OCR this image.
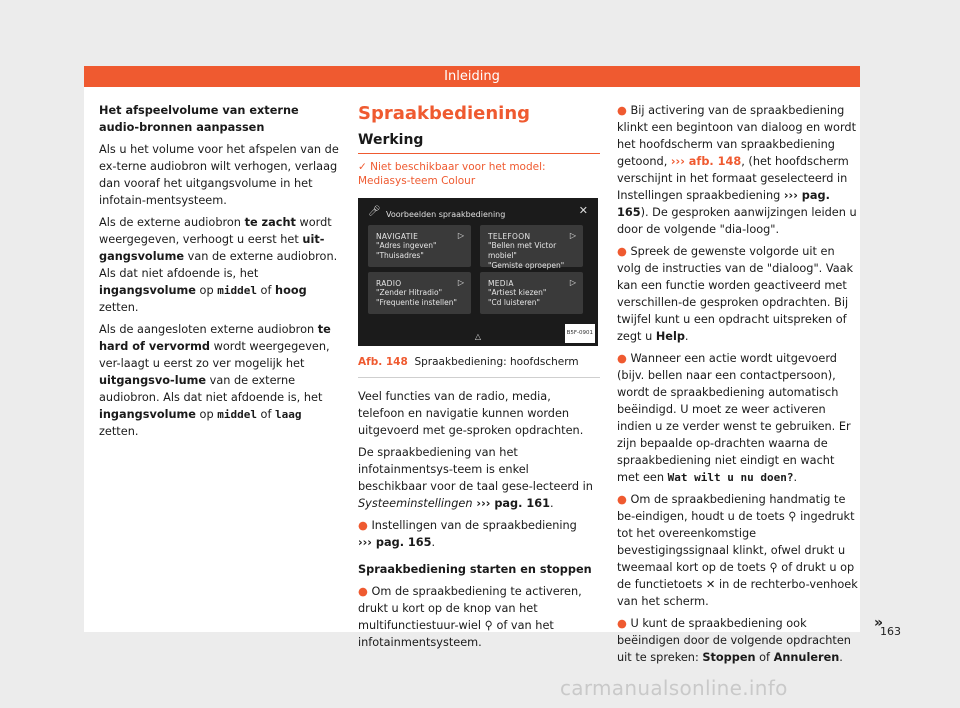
Inleiding

Het afspeelvolume van externe audio-bronnen aanpassen

Als u het volume voor het afspelen van de ex-terne audiobron wilt verhogen, verlaag dan vooraf het uitgangsvolume in het infotain-mentsysteem.

Als de externe audiobron te zacht wordt weergegeven, verhoogt u eerst het uit-gangsvolume van de externe audiobron. Als dat niet afdoende is, het ingangsvolume op middel of hoog zetten.

Als de aangesloten externe audiobron te hard of vervormd wordt weergegeven, ver-laagt u eerst zo ver mogelijk het uitgangsvo-lume van de externe audiobron. Als dat niet afdoende is, het ingangsvolume op middel of laag zetten.

Spraakbediening
Werking
✓ Niet beschikbaar voor het model: Mediasys-teem Colour
🎤︎ Voorbeelden spraakbediening	✕
NAVIGATIE	▷
"Adres ingeven"
"Thuisadres"
TELEFOON	▷
"Bellen met Victor mobiel"
"Gemiste oproepen"
RADIO	▷
"Zender Hitradio"
"Frequentie instellen"
MEDIA	▷
"Artiest kiezen"
"Cd luisteren"
△	B5F-0901
Afb. 148 Spraakbediening: hoofdscherm

Veel functies van de radio, media, telefoon en navigatie kunnen worden uitgevoerd met ge-sproken opdrachten.

De spraakbediening van het infotainmentsys-teem is enkel beschikbaar voor de taal gese-lecteerd in Systeeminstellingen ››› pag. 161.

● Instellingen van de spraakbediening
››› pag. 165.

Spraakbediening starten en stoppen

● Om de spraakbediening te activeren, drukt u kort op de knop van het multifunctiestuur-wiel ⚲ of van het infotainmentsysteem.

● Bij activering van de spraakbediening klinkt een begintoon van dialoog en wordt het hoofdscherm van spraakbediening getoond, ››› afb. 148, (het hoofdscherm verschijnt in het formaat geselecteerd in Instellingen spraakbediening ››› pag. 165). De gesproken aanwijzingen leiden u door de volgende "dia-loog".

● Spreek de gewenste volgorde uit en volg de instructies van de "dialoog". Vaak kan een functie worden geactiveerd met verschillen-de gesproken opdrachten. Bij twijfel kunt u een opdracht uitspreken of zegt u Help.

● Wanneer een actie wordt uitgevoerd (bijv. bellen naar een contactpersoon), wordt de spraakbediening automatisch beëindigd. U moet ze weer activeren indien u ze verder wenst te gebruiken. Er zijn bepaalde op-drachten waarna de spraakbediening niet eindigt en wacht met een Wat wilt u nu doen?.

● Om de spraakbediening handmatig te be-eindigen, houdt u de toets ⚲ ingedrukt tot het overeenkomstige bevestigingssignaal klinkt, ofwel drukt u tweemaal kort op de toets ⚲ of drukt u op de functietoets ✕ in de rechterbo-venhoek van het scherm.

● U kunt de spraakbediening ook beëindigen door de volgende opdrachten uit te spreken: Stoppen of Annuleren.

»
163
carmanualsonline.info
